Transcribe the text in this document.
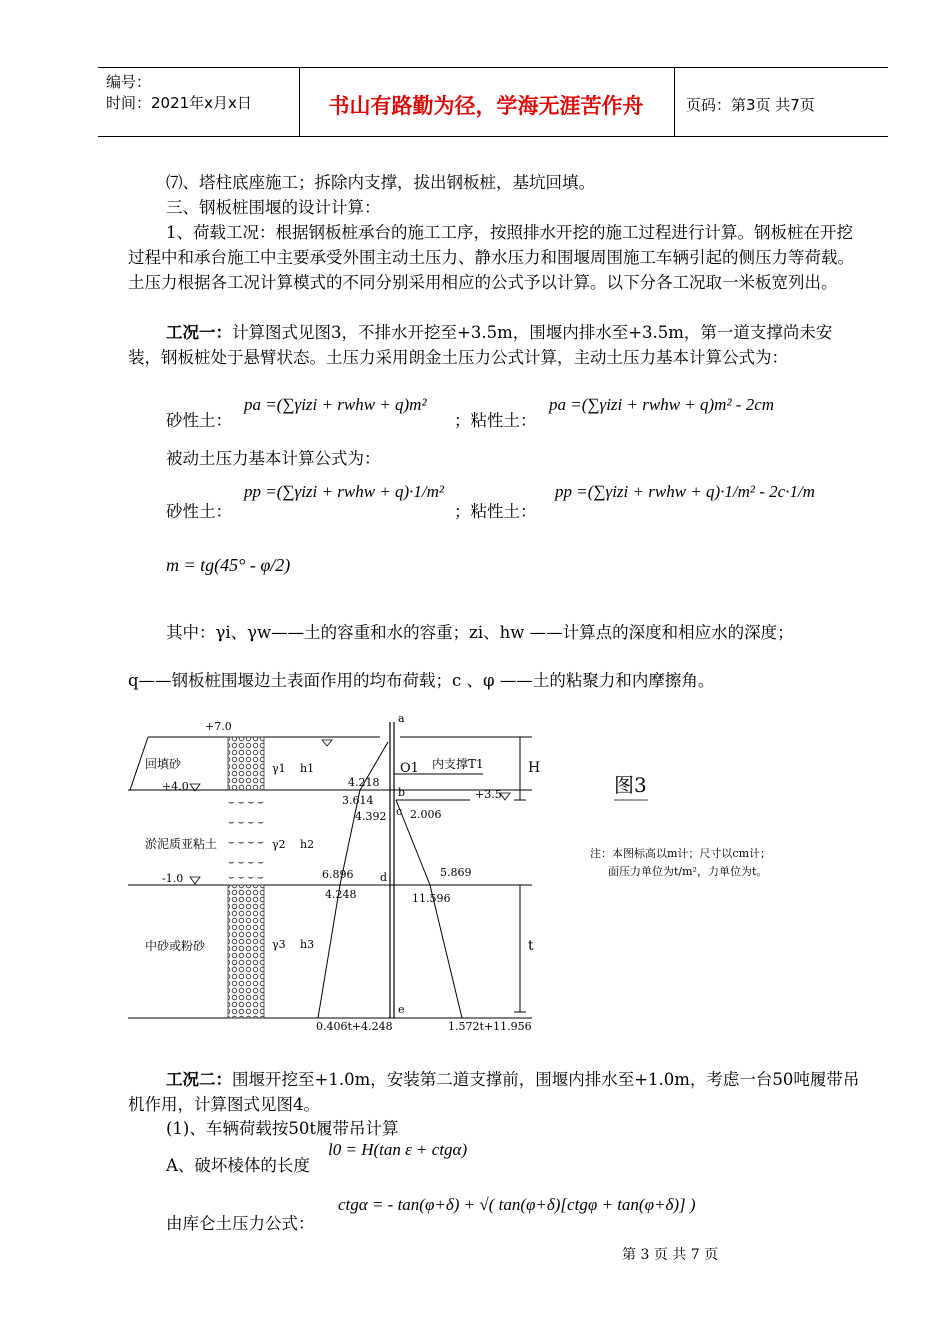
编号：
时间：2021年x月x日	书山有路勤为径，学海无涯苦作舟	页码：第3页 共7页

⑺、塔柱底座施工；拆除内支撑，拔出钢板桩，基坑回填。

三、钢板桩围堰的设计计算：

1、荷载工况：根据钢板桩承台的施工工序，按照排水开挖的施工过程进行计算。钢板桩在开挖过程中和承台施工中主要承受外围主动土压力、静水压力和围堰周围施工车辆引起的侧压力等荷载。土压力根据各工况计算模式的不同分别采用相应的公式予以计算。以下分各工况取一米板宽列出。

工况一：计算图式见图3，不排水开挖至+3.5m，围堰内排水至+3.5m，第一道支撑尚未安装，钢板桩处于悬臂状态。土压力采用朗金土压力公式计算，主动土压力基本计算公式为：

砂性土：
pa =(∑γizi + rwhw + q)m²
；粘性土：
pa =(∑γizi + rwhw + q)m² - 2cm
被动土压力基本计算公式为：
砂性土：
pp =(∑γizi + rwhw + q)·1/m²
；粘性土：
pp =(∑γizi + rwhw + q)·1/m² - 2c·1/m
m = tg(45° - φ/2)

其中：γi、γw——土的容重和水的容重；zi、hw ——计算点的深度和相应水的深度；

q——钢板桩围堰边土表面作用的均布荷载；c 、φ ——土的粘聚力和内摩擦角。

⌣ ⌣ ⌣ ⌣
⌣ ⌣ ⌣ ⌣
⌣ ⌣ ⌣ ⌣
⌣ ⌣ ⌣ ⌣
⌣ ⌣ ⌣ ⌣
+7.0
+4.0
-1.0
+3.5
回填砂
淤泥质亚粘土
中砂或粉砂
γ1 h1
γ2 h2
γ3 h3
a
b
c
d
e
O1 内支撑T1	H
t
4.218
3.614
4.392 2.006
6.896	5.869
4.248	11.596
0.406t+4.248	1.572t+11.956
图3
注：本图标高以m计；尺寸以cm计；
面压力单位为t/m²，力单位为t。

工况二：围堰开挖至+1.0m，安装第二道支撑前，围堰内排水至+1.0m，考虑一台50吨履带吊机作用，计算图式见图4。

(1)、车辆荷载按50t履带吊计算

A、破坏棱体的长度
l0 = H(tan ε + ctgα)
由库仑土压力公式：
ctgα = - tan(φ+δ) + √( tan(φ+δ)[ctgφ + tan(φ+δ)] )
第 3 页 共 7 页
